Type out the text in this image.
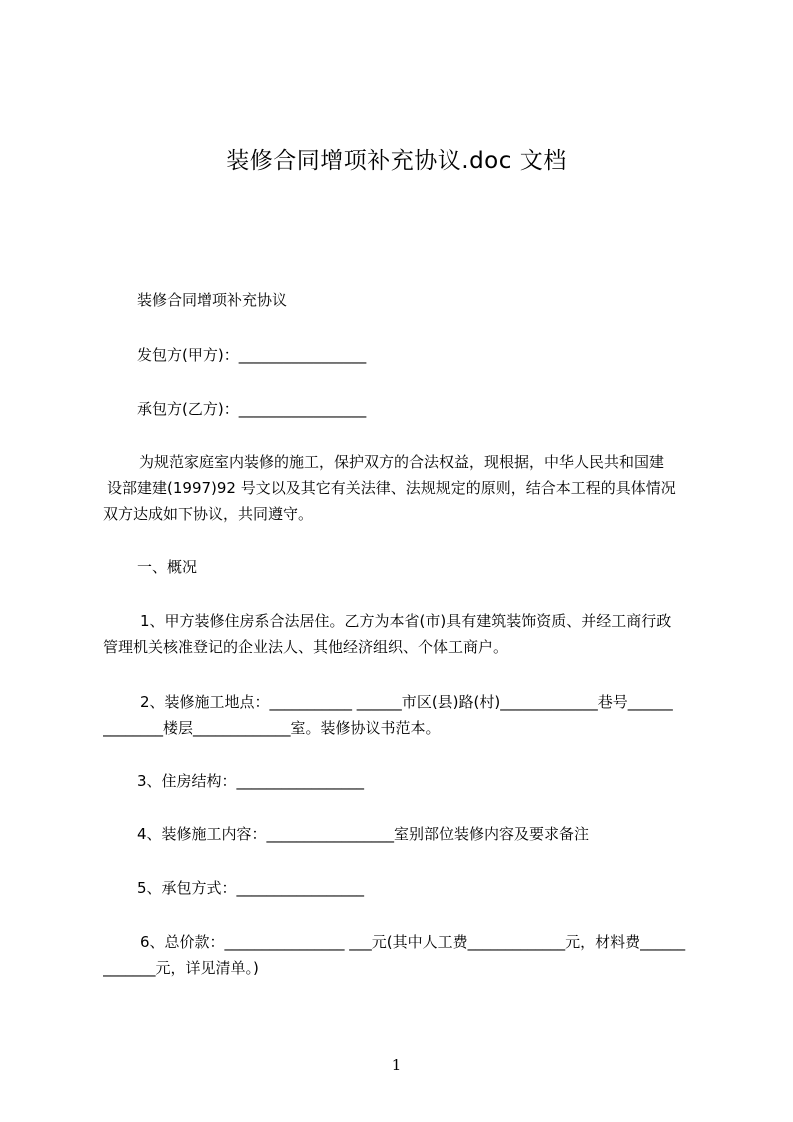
装修合同增项补充协议.doc 文档

装修合同增项补充协议

发包方(甲方)：_________________

承包方(乙方)：_________________

为规范家庭室内装修的施工，保护双方的合法权益，现根据，中华人民共和国建
设部建建(1997)92 号文以及其它有关法律、法规规定的原则，结合本工程的具体情况
双方达成如下协议，共同遵守。

一、概况

1、甲方装修住房系合法居住。乙方为本省(市)具有建筑装饰资质、并经工商行政
管理机关核准登记的企业法人、其他经济组织、个体工商户。
2、装修施工地点：___________ ______市区(县)路(村)_____________巷号______
________楼层_____________室。装修协议书范本。

3、住房结构：_________________

4、装修施工内容：_________________室别部位装修内容及要求备注

5、承包方式：_________________

6、总价款：________________ ___元(其中人工费_____________元，材料费______
_______元，详见清单。)
1
